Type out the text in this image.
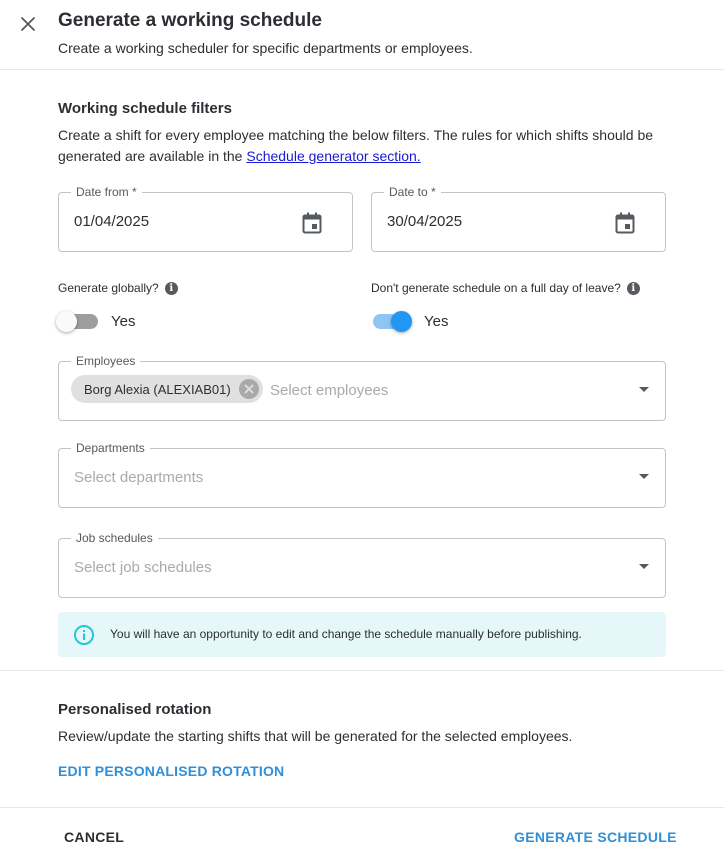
Generate a working schedule
Create a working scheduler for specific departments or employees.
Working schedule filters
Create a shift for every employee matching the below filters. The rules for which shifts should be generated are available in the Schedule generator section.
Date from *
01/04/2025
Date to *
30/04/2025
Generate globally?	i
Yes
Don't generate schedule on a full day of leave?	i
Yes
Employees
Borg Alexia (ALEXIAB01)	Select employees
Departments
Select departments
Job schedules
Select job schedules
You will have an opportunity to edit and change the schedule manually before publishing.
Personalised rotation
Review/update the starting shifts that will be generated for the selected employees.
EDIT PERSONALISED ROTATION
CANCEL	GENERATE SCHEDULE
